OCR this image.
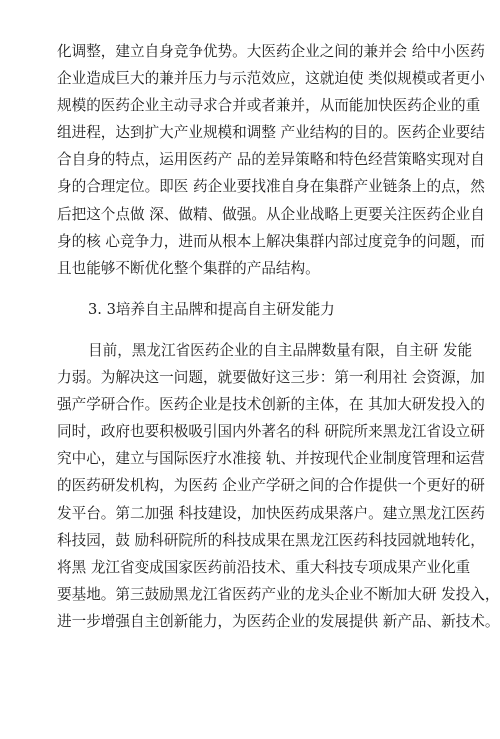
化调整，建立自身竞争优势。大医药企业之间的兼并会 给中小医药
企业造成巨大的兼并压力与示范效应，这就迫使 类似规模或者更小
规模的医药企业主动寻求合并或者兼并，从而能加快医药企业的重
组进程，达到扩大产业规模和调整 产业结构的目的。医药企业要结
合自身的特点，运用医药产 品的差异策略和特色经营策略实现对自
身的合理定位。即医 药企业要找准自身在集群产业链条上的点，然
后把这个点做 深、做精、做强。从企业战略上更要关注医药企业自
身的核 心竞争力，进而从根本上解决集群内部过度竞争的问题，而
且也能够不断优化整个集群的产品结构。
3. 3培养自主品牌和提高自主研发能力
目前，黑龙江省医药企业的自主品牌数量有限，自主研 发能
力弱。为解决这一问题，就要做好这三步：第一利用社 会资源，加
强产学研合作。医药企业是技术创新的主体，在 其加大研发投入的
同时，政府也要积极吸引国内外著名的科 研院所来黑龙江省设立研
究中心，建立与国际医疗水准接 轨、并按现代企业制度管理和运营
的医药研发机构，为医药 企业产学研之间的合作提供一个更好的研
发平台。第二加强 科技建设，加快医药成果落户。建立黑龙江医药
科技园，鼓 励科研院所的科技成果在黑龙江医药科技园就地转化，
将黑 龙江省变成国家医药前沿技术、重大科技专项成果产业化重
要基地。第三鼓励黑龙江省医药产业的龙头企业不断加大研 发投入，
进一步增强自主创新能力，为医药企业的发展提供 新产品、新技术。
